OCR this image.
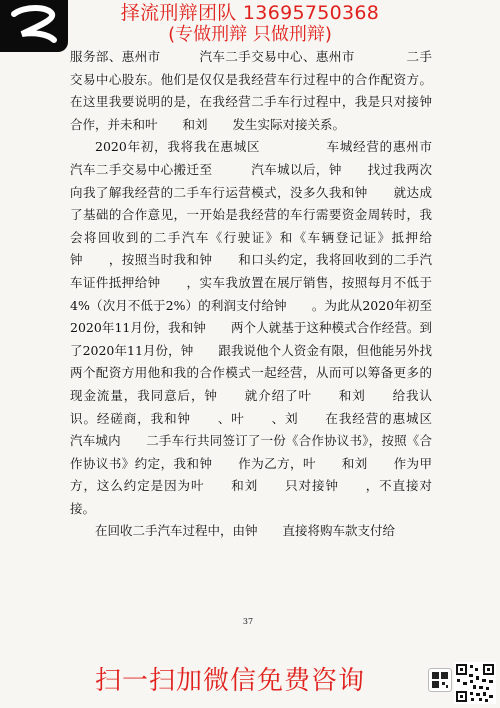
择流刑辩团队 13695750368
(专做刑辩 只做刑辩)

服务部、惠州市　　　汽车二手交易中心、惠州市　　　　二手交易中心股东。他们是仅仅是我经营车行过程中的合作配资方。在这里我要说明的是，在我经营二手车行过程中，我是只对接钟　　合作，并未和叶　　和刘　　发生实际对接关系。

2020年初，我将我在惠城区　　　　　车城经营的惠州市　　　汽车二手交易中心搬迁至　　　汽车城以后，钟　　找过我两次向我了解我经营的二手车行运营模式，没多久我和钟　　就达成了基础的合作意见，一开始是我经营的车行需要资金周转时，我会将回收到的二手汽车《行驶证》和《车辆登记证》抵押给钟　　，按照当时我和钟　　和口头约定，我将回收到的二手汽车证件抵押给钟　　，实车我放置在展厅销售，按照每月不低于4%（次月不低于2%）的利润支付给钟　　。为此从2020年初至2020年11月份，我和钟　　两个人就基于这种模式合作经营。到了2020年11月份，钟　　跟我说他个人资金有限，但他能另外找两个配资方用他和我的合作模式一起经营，从而可以筹备更多的现金流量，我同意后，钟　　就介绍了叶　　和刘　　给我认识。经磋商，我和钟　　、叶　　、刘　　在我经营的惠城区　　　汽车城内　　二手车行共同签订了一份《合作协议书》，按照《合作协议书》约定，我和钟　　作为乙方，叶　　和刘　　作为甲方，这么约定是因为叶　　和刘　　只对接钟　　，不直接对接。

在回收二手汽车过程中，由钟　　直接将购车款支付给

37
扫一扫加微信免费咨询
